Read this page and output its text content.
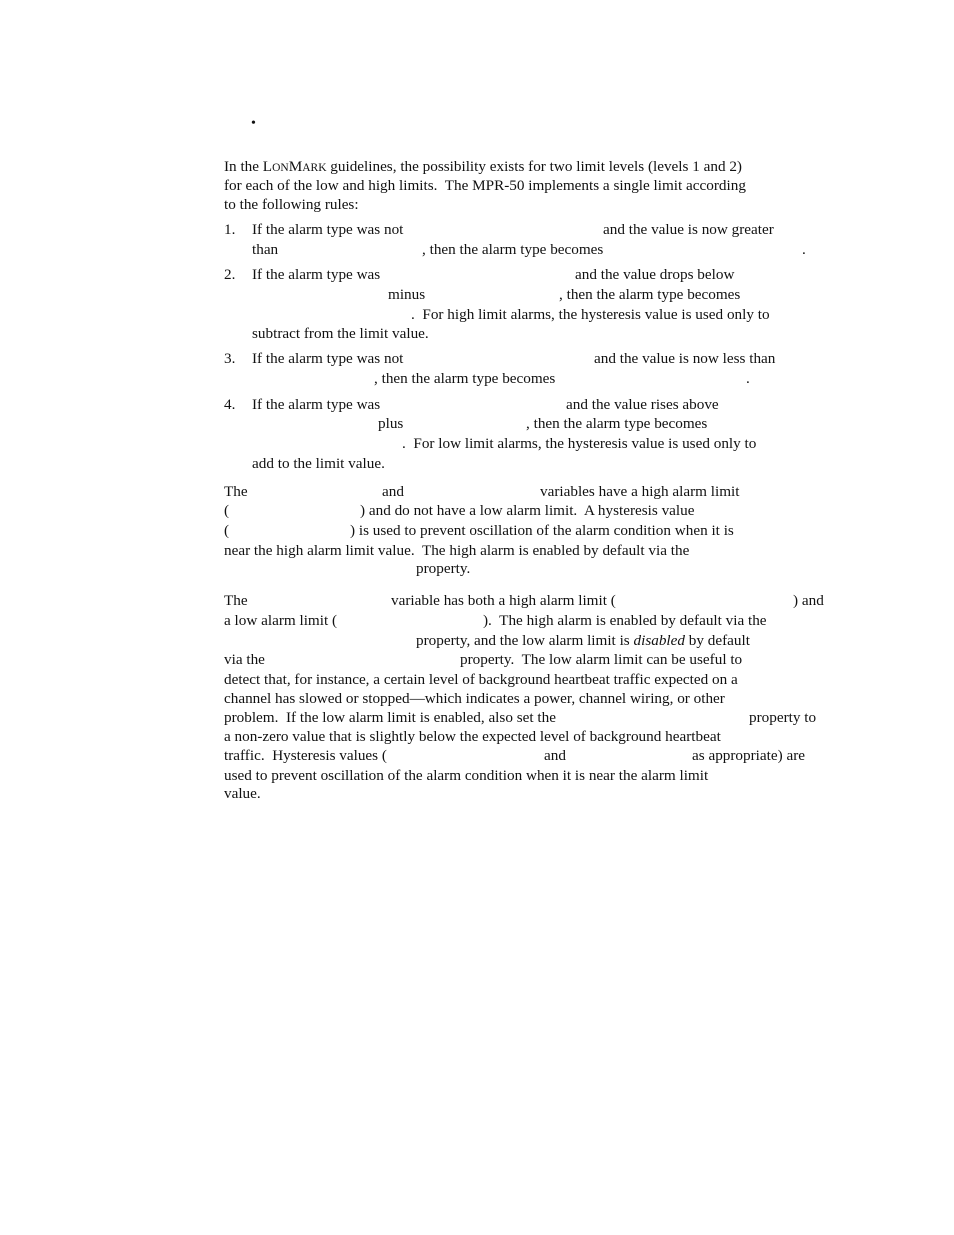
•
In the LONMARK guidelines, the possibility exists for two limit levels (levels 1 and 2)
for each of the low and high limits.  The MPR-50 implements a single limit according
to the following rules:
1. If the alarm type was not	and the value is now greater
than	, then the alarm type becomes	.
2. If the alarm type was	and the value drops below
minus	, then the alarm type becomes
.  For high limit alarms, the hysteresis value is used only to
subtract from the limit value.
3. If the alarm type was not	and the value is now less than
, then the alarm type becomes	.
4. If the alarm type was	and the value rises above
plus	, then the alarm type becomes
.  For low limit alarms, the hysteresis value is used only to
add to the limit value.
The	and	variables have a high alarm limit
(	) and do not have a low alarm limit.  A hysteresis value
(	) is used to prevent oscillation of the alarm condition when it is
near the high alarm limit value.  The high alarm is enabled by default via the
property.
The	variable has both a high alarm limit (	) and
a low alarm limit (	).  The high alarm is enabled by default via the
property, and the low alarm limit is disabled by default
via the	property.  The low alarm limit can be useful to
detect that, for instance, a certain level of background heartbeat traffic expected on a
channel has slowed or stopped—which indicates a power, channel wiring, or other
problem.  If the low alarm limit is enabled, also set the	property to
a non-zero value that is slightly below the expected level of background heartbeat
traffic.  Hysteresis values (	and	as appropriate) are
used to prevent oscillation of the alarm condition when it is near the alarm limit
value.
